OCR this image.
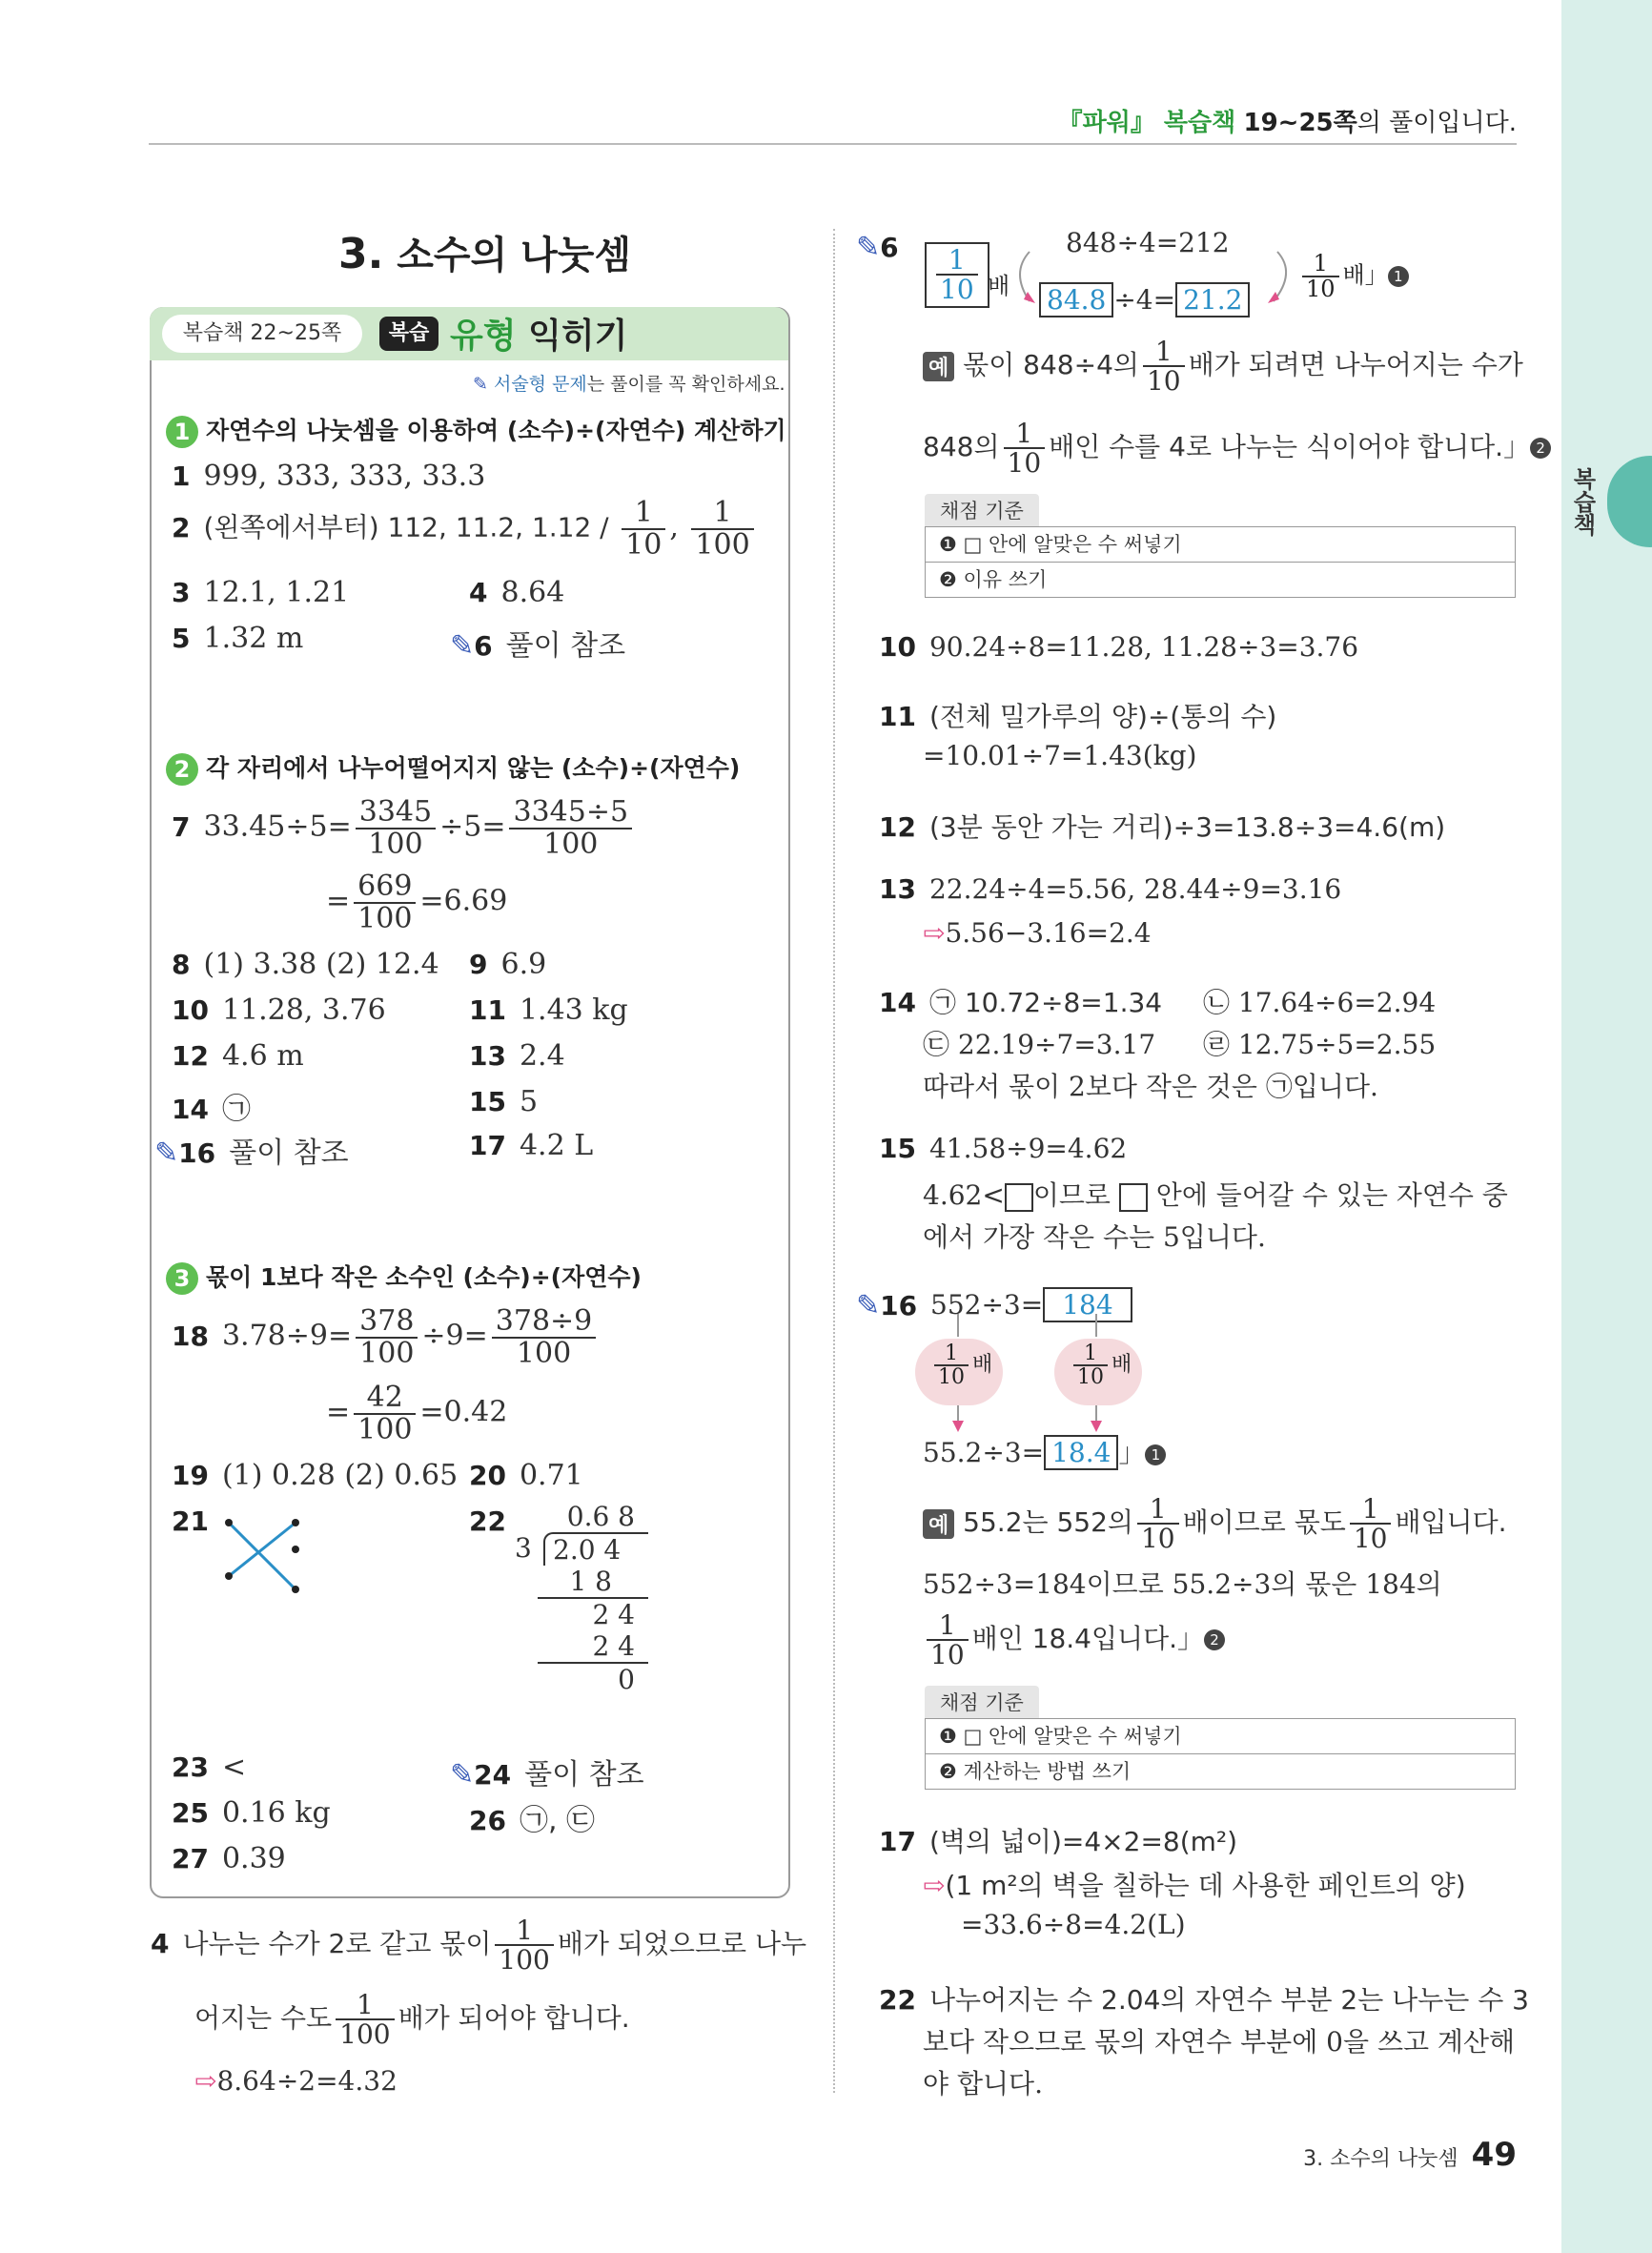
복습책
『파워』 복습책 19~25쪽의 풀이입니다.
3. 소수의 나눗셈
복습책 22~25쪽	복습 유형 익히기
✎ 서술형 문제는 풀이를 꼭 확인하세요.
1 자연수의 나눗셈을 이용하여 (소수)÷(자연수) 계산하기
1 999, 333, 333, 33.3
2 (왼쪽에서부터) 112, 11.2, $1.12 / \frac{1}{10}$ , $\frac{1}{100}$
3 12.1, 1.21	4 8.64
5 1.32 m	✎6 풀이 참조
2 각 자리에서 나누어떨어지지 않는 (소수)÷(자연수)
7 $33.45\div 5= \frac{3345}{100} \div 5= \frac{3345\div 5}{100}$
= $\frac{669}{100} =6.69$
8 (1) 3.38 (2) 12.4 9 6.9
10 11.28, 3.76	11 1.43 kg
12 4.6 m	13 2.4
14 ㉠	15 5
✎16 풀이 참조	17 4.2 L
3 몫이 1보다 작은 소수인 (소수)÷(자연수)
18 $3.78\div 9= \frac{378}{100} \div 9= \frac{378\div 9}{100}$
= $\frac{42}{100} =0.42$
19 (1) 0.28 (2) 0.65 20 0.71
21	22	0.6 8
3 2.0 4
1 8
2 4
2 4
0
23 <	✎24 풀이 참조
25 0.16 kg	26 ㉠, ㉢
27 0.39
4 나누는 수가 2로 같고 몫이 $\frac{1}{100}$ 배가 되었으므로 나누
어지는 수도 $\frac{1}{100}$ 배가 되어야 합니다.
⇨8.64÷2=4.32
✎6	$\frac{1}{10}$ 배
848÷4=212
84.8 ÷4= 21.2	$\frac{1}{10}$ 배」 1
예 몫이 848÷4의 $\frac{1}{10}$ 배가 되려면 나누어지는 수가
848의 $\frac{1}{10}$ 배인 수를 4로 나누는 식이어야 합니다.」 2
채점 기준
❶ □ 안에 알맞은 수 써넣기
❷ 이유 쓰기
10 90.24÷8=11.28, 11.28÷3=3.76
11 (전체 밀가루의 양)÷(통의 수)
=10.01÷7=1.43(kg)
12 (3분 동안 가는 거리)÷3=13.8÷3=4.6(m)
13 22.24÷4=5.56, 28.44÷9=3.16
⇨5.56−3.16=2.4
14 ㉠ 10.72÷8=1.34 ㉡ 17.64÷6=2.94
㉢ 22.19÷7=3.17 ㉣ 12.75÷5=2.55
따라서 몫이 2보다 작은 것은 ㉠입니다.
15 41.58÷9=4.62
4.62< 이므로 안에 들어갈 수 있는 자연수 중
에서 가장 작은 수는 5입니다.
✎16 552÷3= 184
$\frac{1}{10}$ 배	$\frac{1}{10}$ 배
55.2÷3= 18.4 」 1
예 55.2는 552의 $\frac{1}{10}$ 배이므로 몫도 $\frac{1}{10}$ 배입니다.
552÷3=184이므로 55.2÷3의 몫은 184의
$\frac{1}{10}$ 배인 18.4입니다.」 2
채점 기준
❶ □ 안에 알맞은 수 써넣기
❷ 계산하는 방법 쓰기
17 (벽의 넓이)=4×2=8(m²)
⇨(1 m²의 벽을 칠하는 데 사용한 페인트의 양)
=33.6÷8=4.2(L)
22 나누어지는 수 2.04의 자연수 부분 2는 나누는 수 3
보다 작으므로 몫의 자연수 부분에 0을 쓰고 계산해
야 합니다.
3. 소수의 나눗셈 49
